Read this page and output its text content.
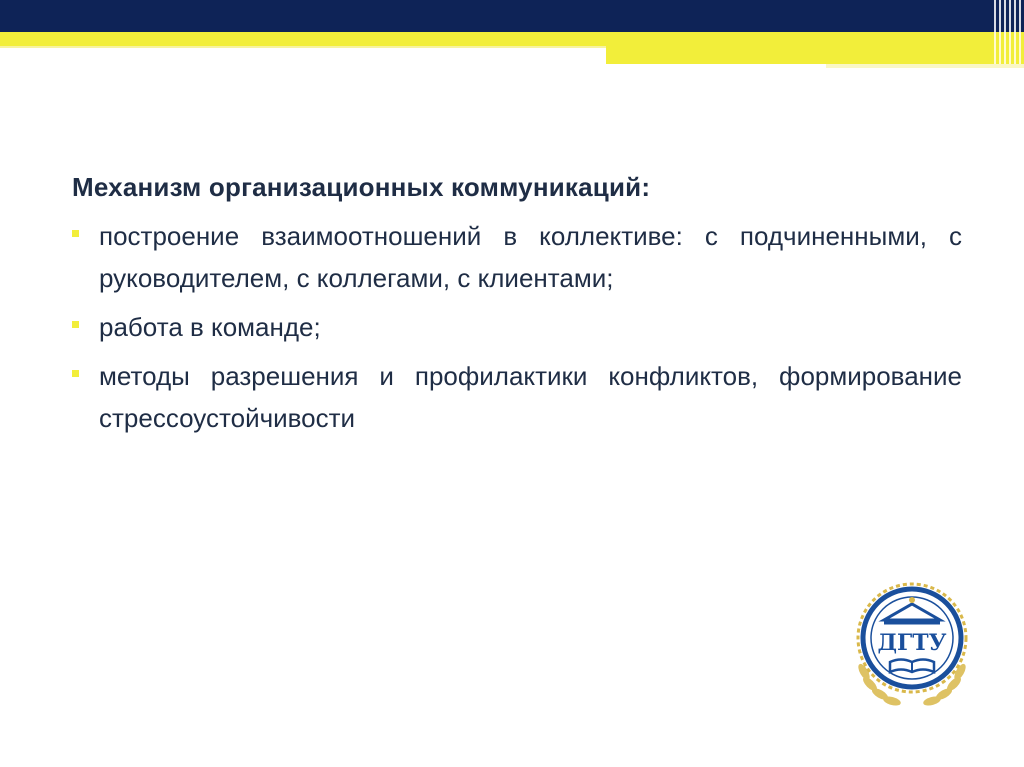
Механизм организационных коммуникаций:
построение взаимоотношений в коллективе: с подчиненными, с руководителем, с коллегами, с клиентами;
работа в команде;
методы разрешения и профилактики конфликтов, формирование стрессоустойчивости
ДГТУ
